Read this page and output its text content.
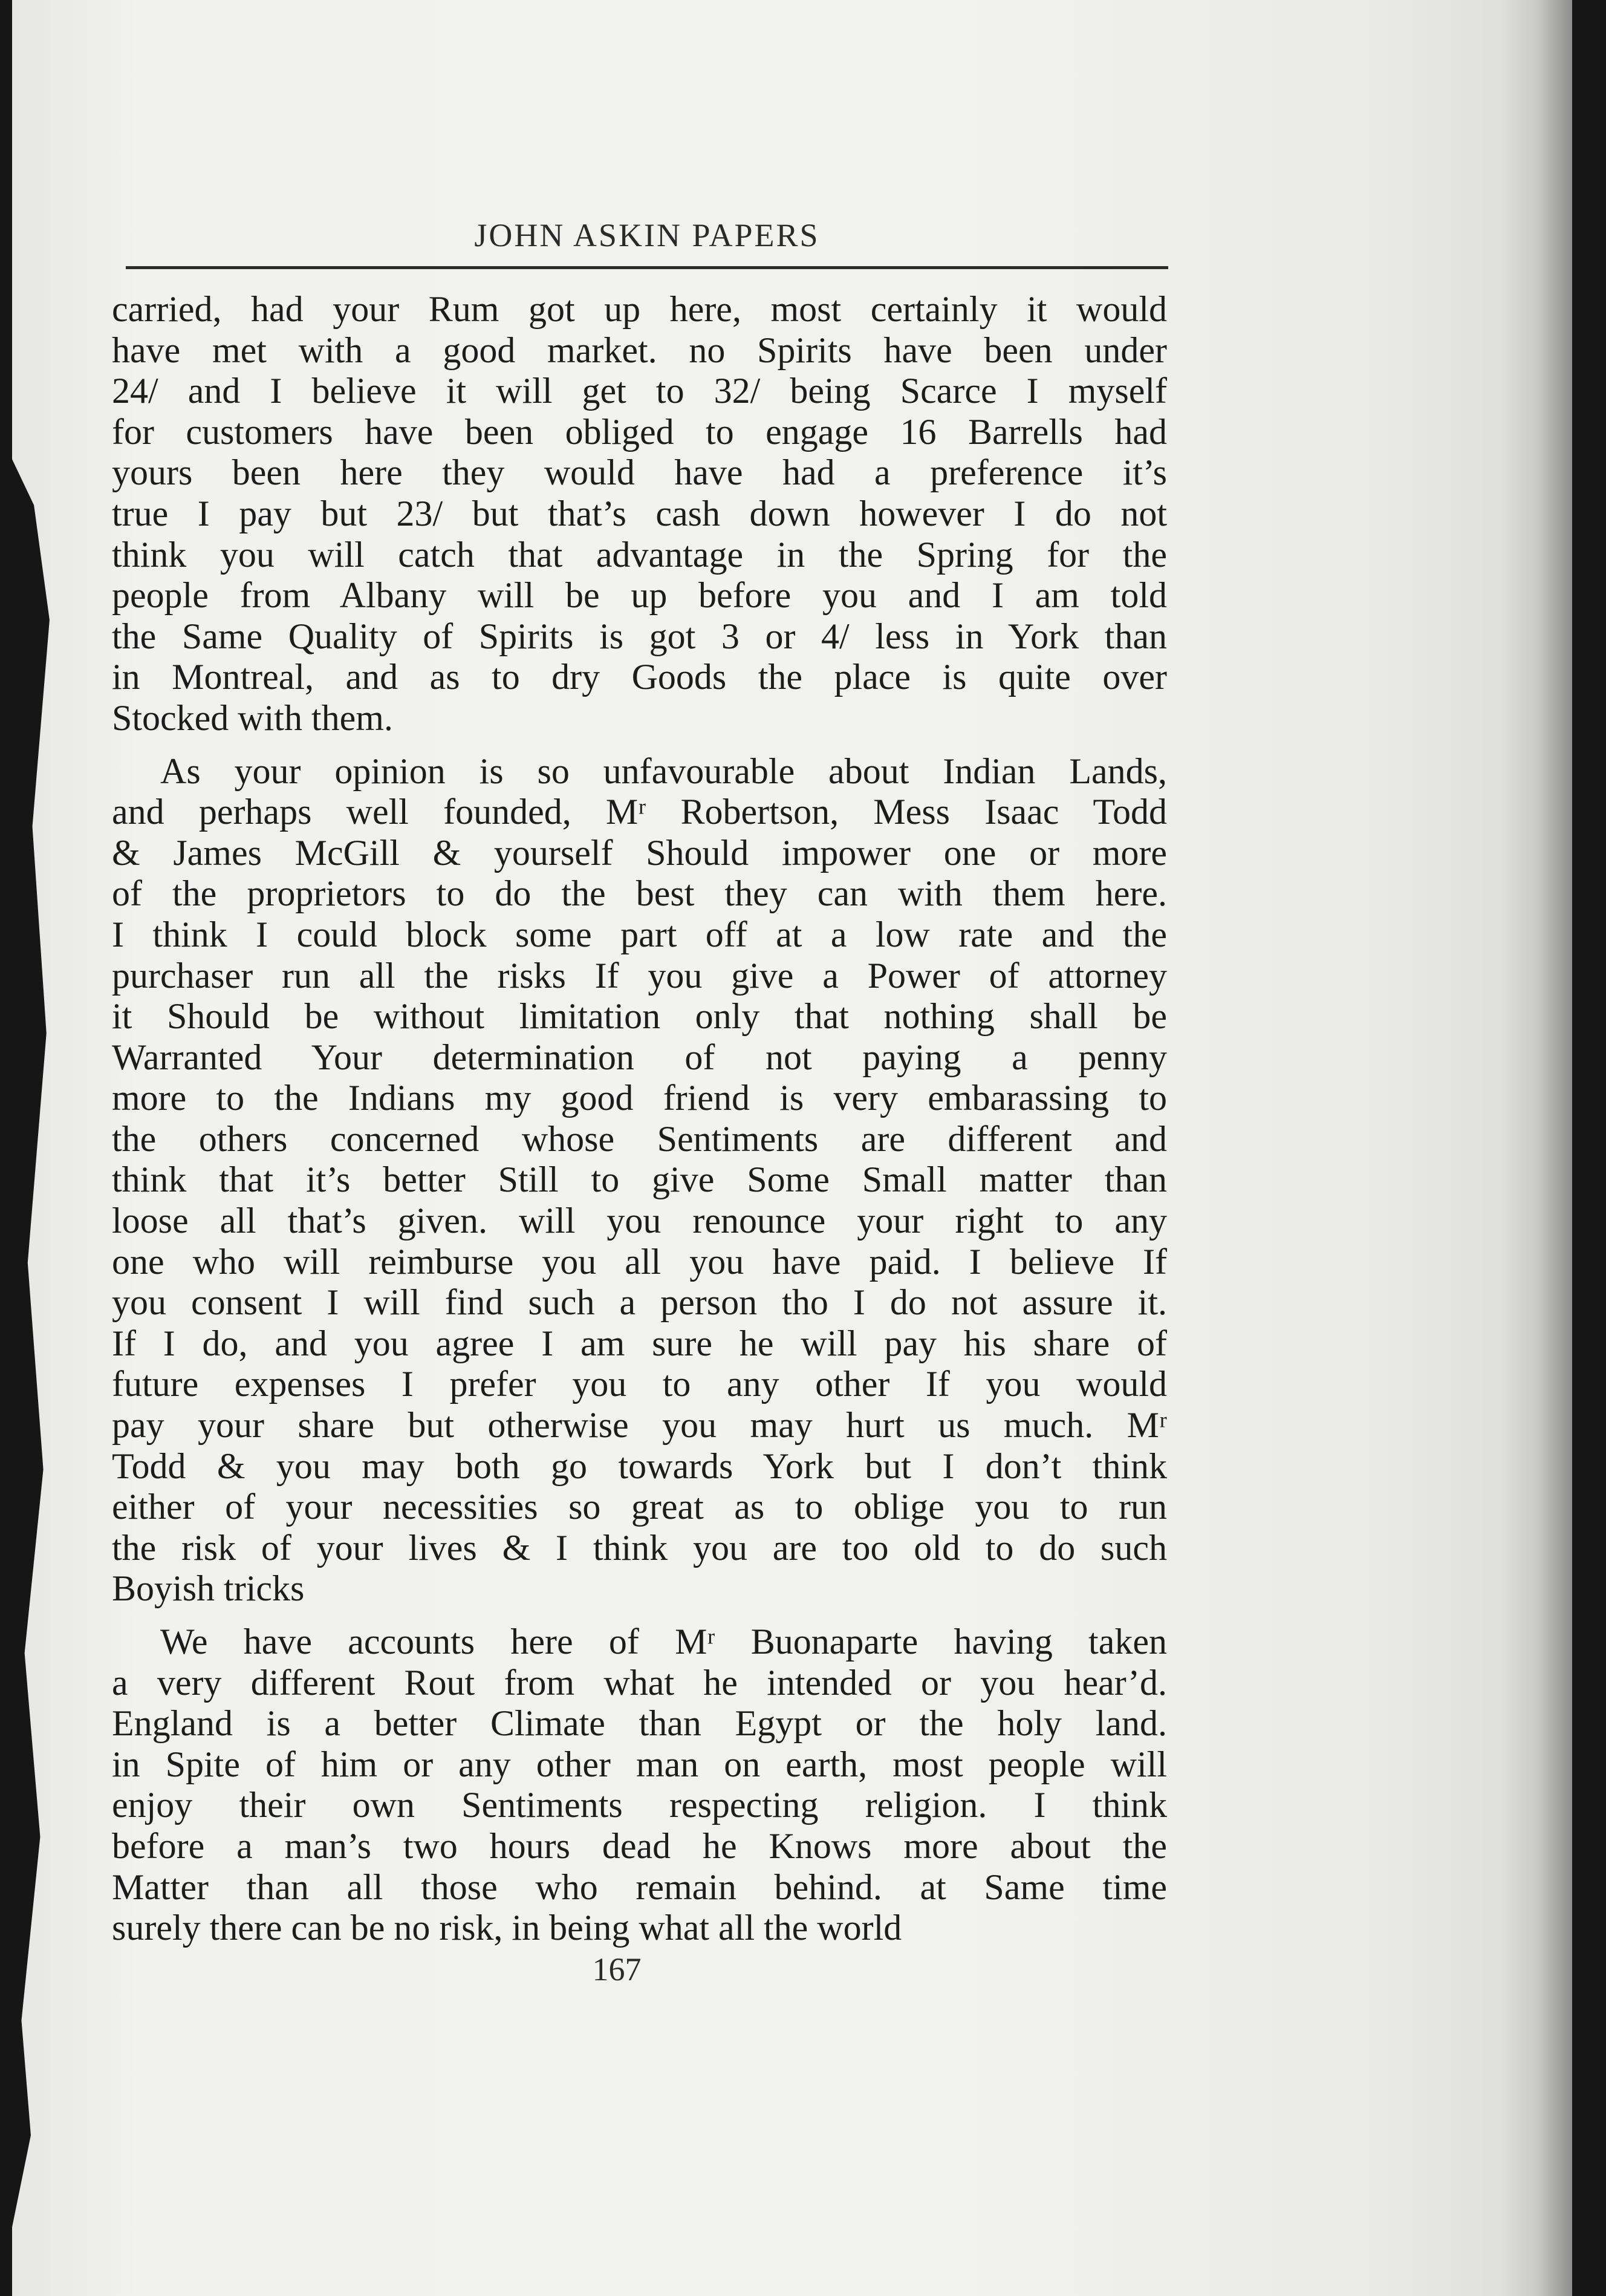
JOHN ASKIN PAPERS
carried, had your Rum got up here, most certainly it would
have met with a good market. no Spirits have been under
24/ and I believe it will get to 32/ being Scarce I myself
for customers have been obliged to engage 16 Barrells had
yours been here they would have had a preference it’s
true I pay but 23/ but that’s cash down however I do not
think you will catch that advantage in the Spring for the
people from Albany will be up before you and I am told
the Same Quality of Spirits is got 3 or 4/ less in York than
in Montreal, and as to dry Goods the place is quite over
Stocked with them.
As your opinion is so unfavourable about Indian Lands,
and perhaps well founded, Mʳ Robertson, Mess Isaac Todd
& James McGill & yourself Should impower one or more
of the proprietors to do the best they can with them here.
I think I could block some part off at a low rate and the
purchaser run all the risks If you give a Power of attorney
it Should be without limitation only that nothing shall be
Warranted Your determination of not paying a penny
more to the Indians my good friend is very embarassing to
the others concerned whose Sentiments are different and
think that it’s better Still to give Some Small matter than
loose all that’s given. will you renounce your right to any
one who will reimburse you all you have paid. I believe If
you consent I will find such a person tho I do not assure it.
If I do, and you agree I am sure he will pay his share of
future expenses I prefer you to any other If you would
pay your share but otherwise you may hurt us much. Mʳ
Todd & you may both go towards York but I don’t think
either of your necessities so great as to oblige you to run
the risk of your lives & I think you are too old to do such
Boyish tricks
We have accounts here of Mʳ Buonaparte having taken
a very different Rout from what he intended or you hear’d.
England is a better Climate than Egypt or the holy land.
in Spite of him or any other man on earth, most people will
enjoy their own Sentiments respecting religion. I think
before a man’s two hours dead he Knows more about the
Matter than all those who remain behind. at Same time
surely there can be no risk, in being what all the world
167
